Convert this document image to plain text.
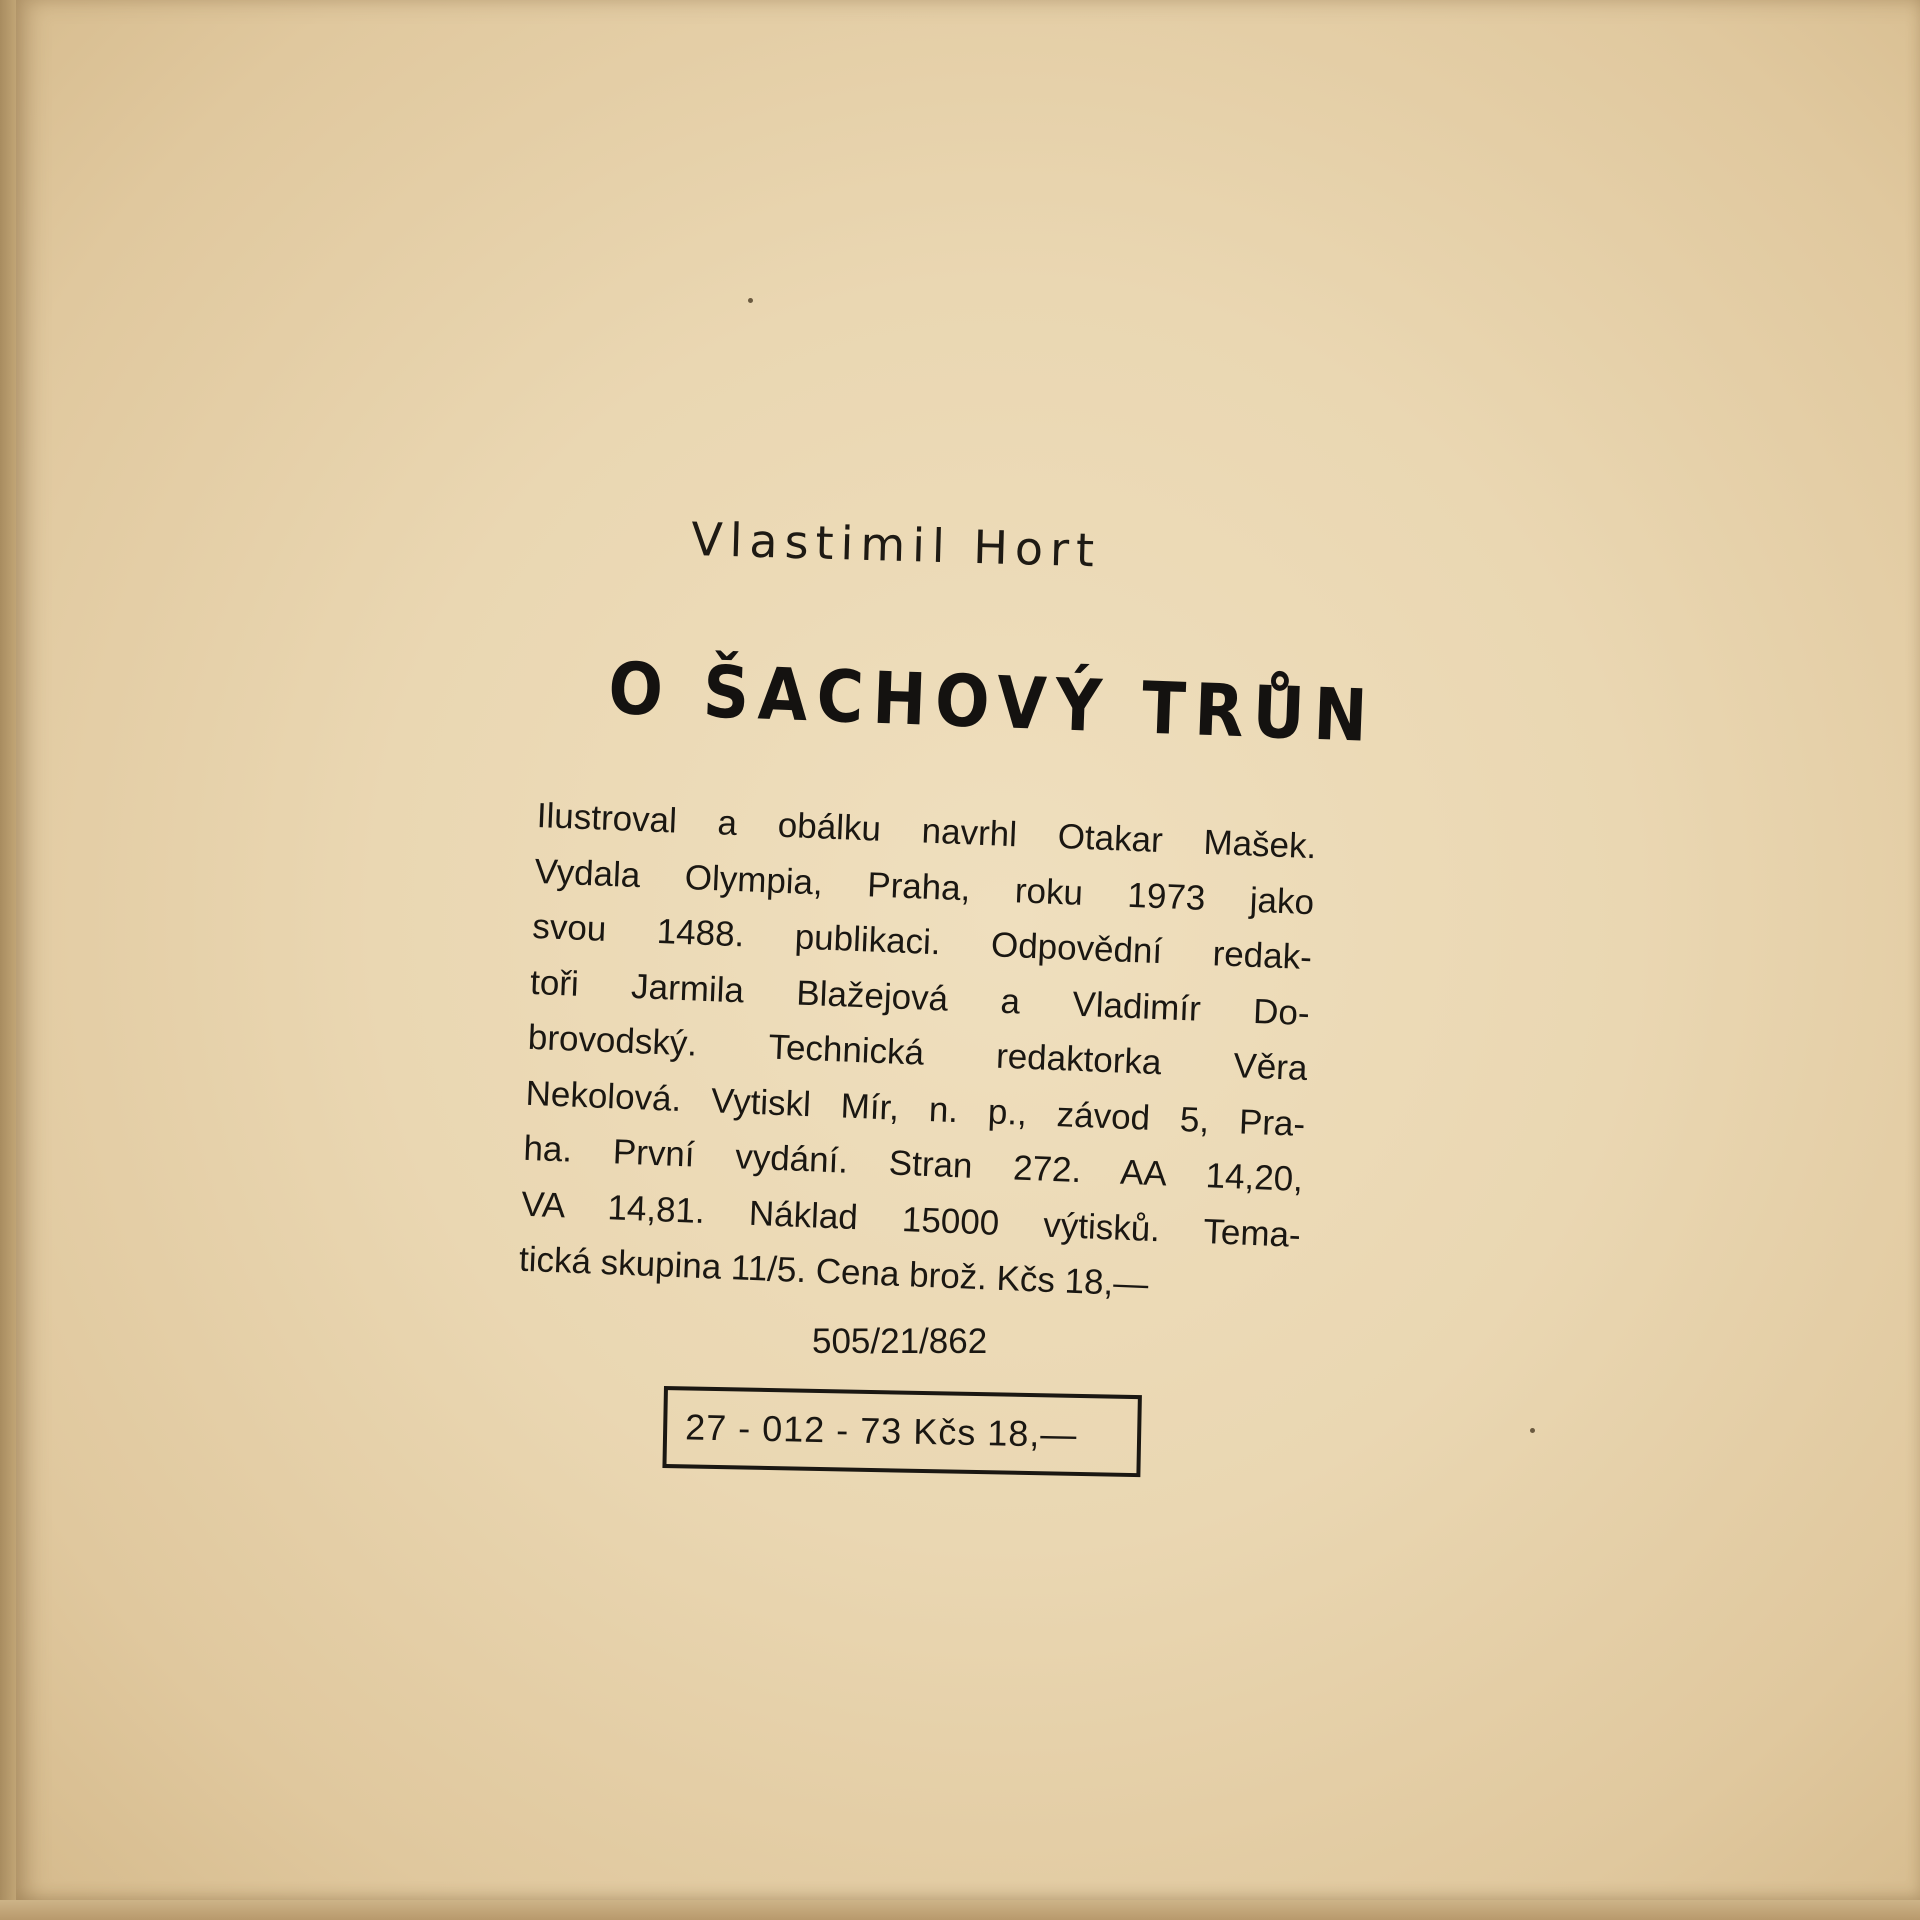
Vlastimil Hort
O ŠACHOVÝ TRŮN
Ilustroval a obálku navrhl Otakar Mašek.
Vydala Olympia, Praha, roku 1973 jako
svou 1488. publikaci. Odpovědní redak-
toři Jarmila Blažejová a Vladimír Do-
brovodský. Technická redaktorka Věra
Nekolová. Vytiskl Mír, n. p., závod 5, Pra-
ha. První vydání. Stran 272. AA 14,20,
VA 14,81. Náklad 15000 výtisků. Tema-
tická skupina 11/5. Cena brož. Kčs 18,—
505/21/862
27 - 012 - 73 Kčs 18,—
